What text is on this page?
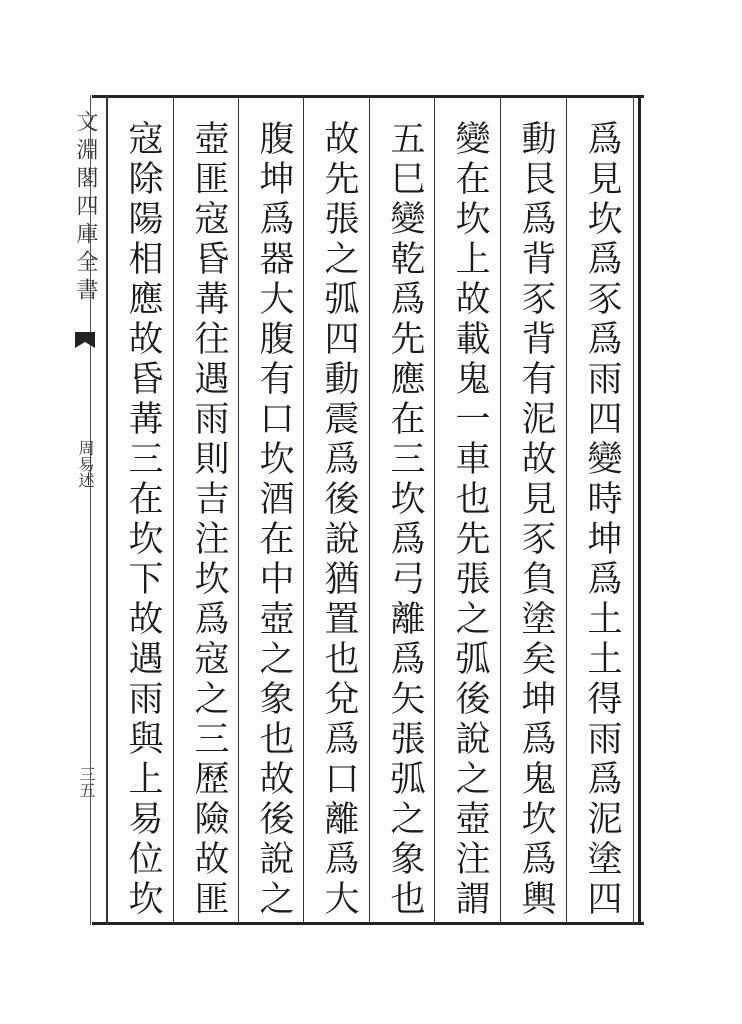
文淵閣四庫全書
周易述
三五	爲見坎爲豕爲雨四變時坤爲土土得雨爲泥塗四
動艮爲背豕背有泥故見豕負塗矣坤爲鬼坎爲輿
變在坎上故載鬼一車也先張之弧後說之壺注謂
五巳變乾爲先應在三坎爲弓離爲矢張弧之象也
故先張之弧四動震爲後說猶置也兌爲口離爲大
腹坤爲器大腹有口坎酒在中壺之象也故後說之
壺匪寇昏冓往遇雨則吉注坎爲寇之三歷險故匪
寇除陽相應故昏冓三在坎下故遇雨與上易位坎
